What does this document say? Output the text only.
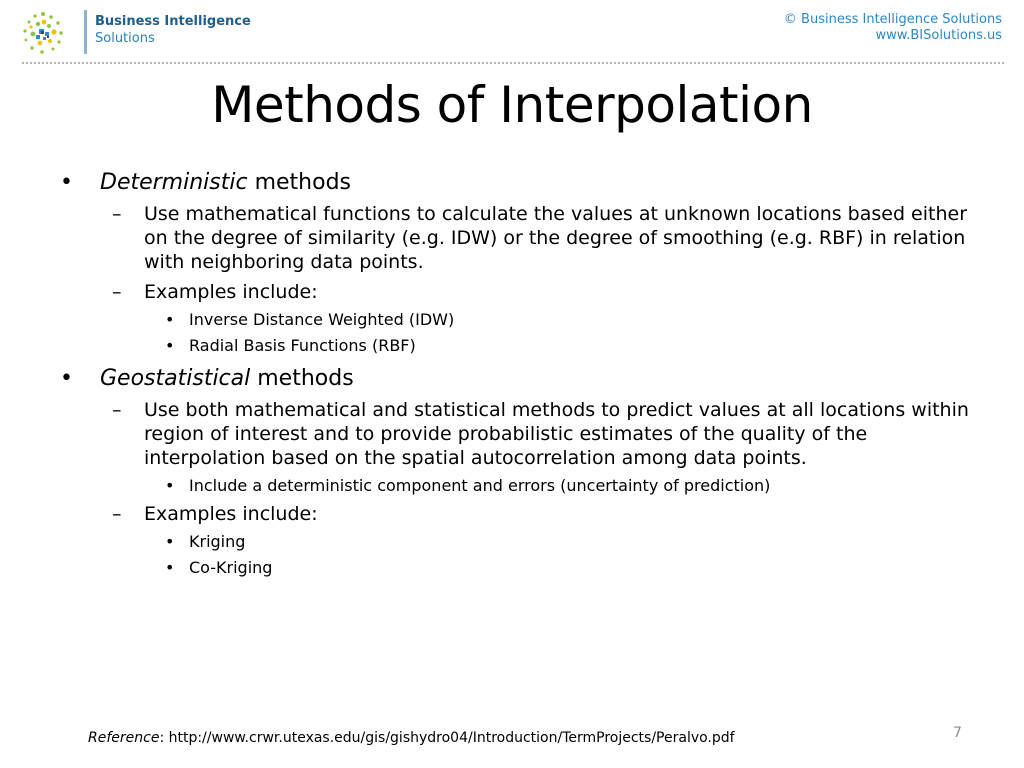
Business Intelligence
Solutions
© Business Intelligence Solutions
www.BISolutions.us
Methods of Interpolation
• Deterministic methods
– Use mathematical functions to calculate the values at unknown locations based either on the degree of similarity (e.g. IDW) or the degree of smoothing (e.g. RBF) in relation with neighboring data points.
– Examples include:
• Inverse Distance Weighted (IDW)
• Radial Basis Functions (RBF)
• Geostatistical methods
– Use both mathematical and statistical methods to predict values at all locations within region of interest and to provide probabilistic estimates of the quality of the interpolation based on the spatial autocorrelation among data points.
• Include a deterministic component and errors (uncertainty of prediction)
– Examples include:
• Kriging
• Co-Kriging
Reference: http://www.crwr.utexas.edu/gis/gishydro04/Introduction/TermProjects/Peralvo.pdf	7
